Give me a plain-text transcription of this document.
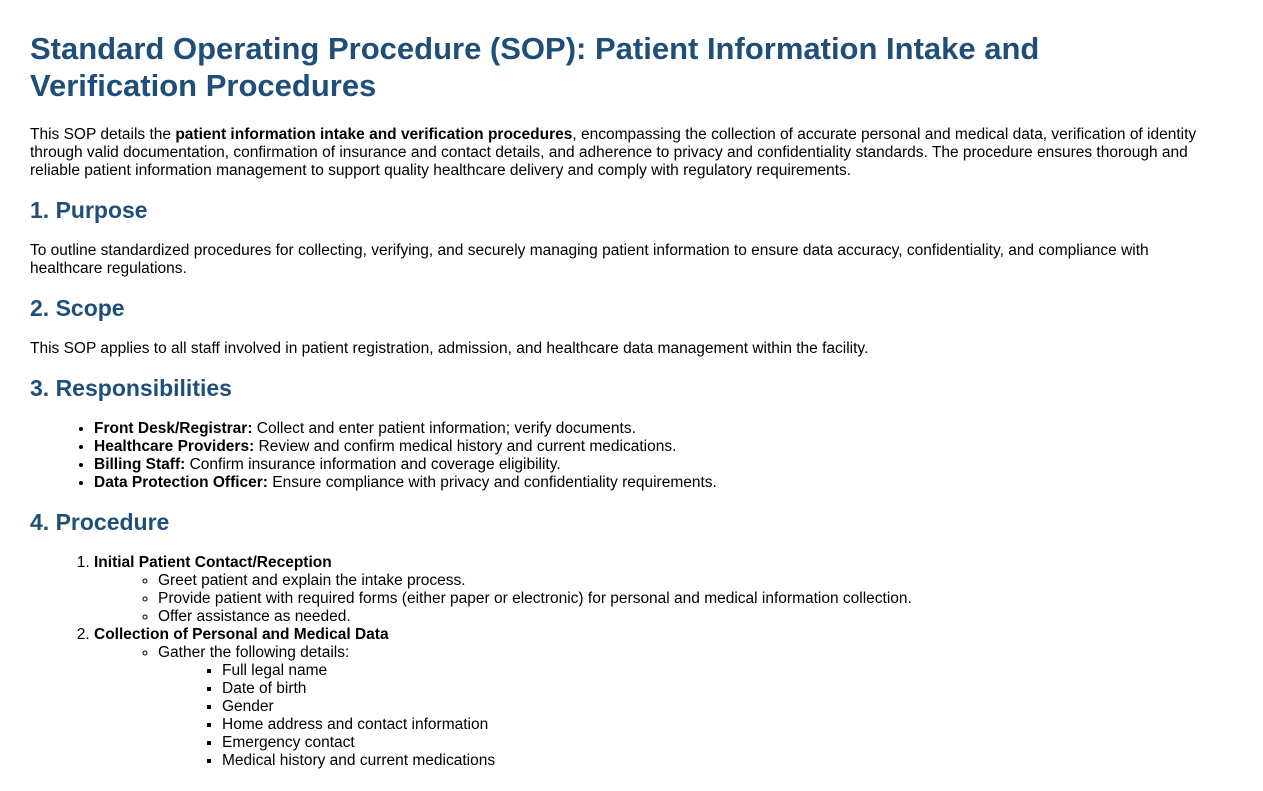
Standard Operating Procedure (SOP): Patient Information Intake and Verification Procedures

This SOP details the patient information intake and verification procedures, encompassing the collection of accurate personal and medical data, verification of identity through valid documentation, confirmation of insurance and contact details, and adherence to privacy and confidentiality standards. The procedure ensures thorough and reliable patient information management to support quality healthcare delivery and comply with regulatory requirements.

1. Purpose

To outline standardized procedures for collecting, verifying, and securely managing patient information to ensure data accuracy, confidentiality, and compliance with healthcare regulations.

2. Scope

This SOP applies to all staff involved in patient registration, admission, and healthcare data management within the facility.

3. Responsibilities
• Front Desk/Registrar: Collect and enter patient information; verify documents.
• Healthcare Providers: Review and confirm medical history and current medications.
• Billing Staff: Confirm insurance information and coverage eligibility.
• Data Protection Officer: Ensure compliance with privacy and confidentiality requirements.
4. Procedure
1. Initial Patient Contact/Reception
◦ Greet patient and explain the intake process.
◦ Provide patient with required forms (either paper or electronic) for personal and medical information collection.
◦ Offer assistance as needed.
2. Collection of Personal and Medical Data
◦ Gather the following details:
▪ Full legal name
▪ Date of birth
▪ Gender
▪ Home address and contact information
▪ Emergency contact
▪ Medical history and current medications
